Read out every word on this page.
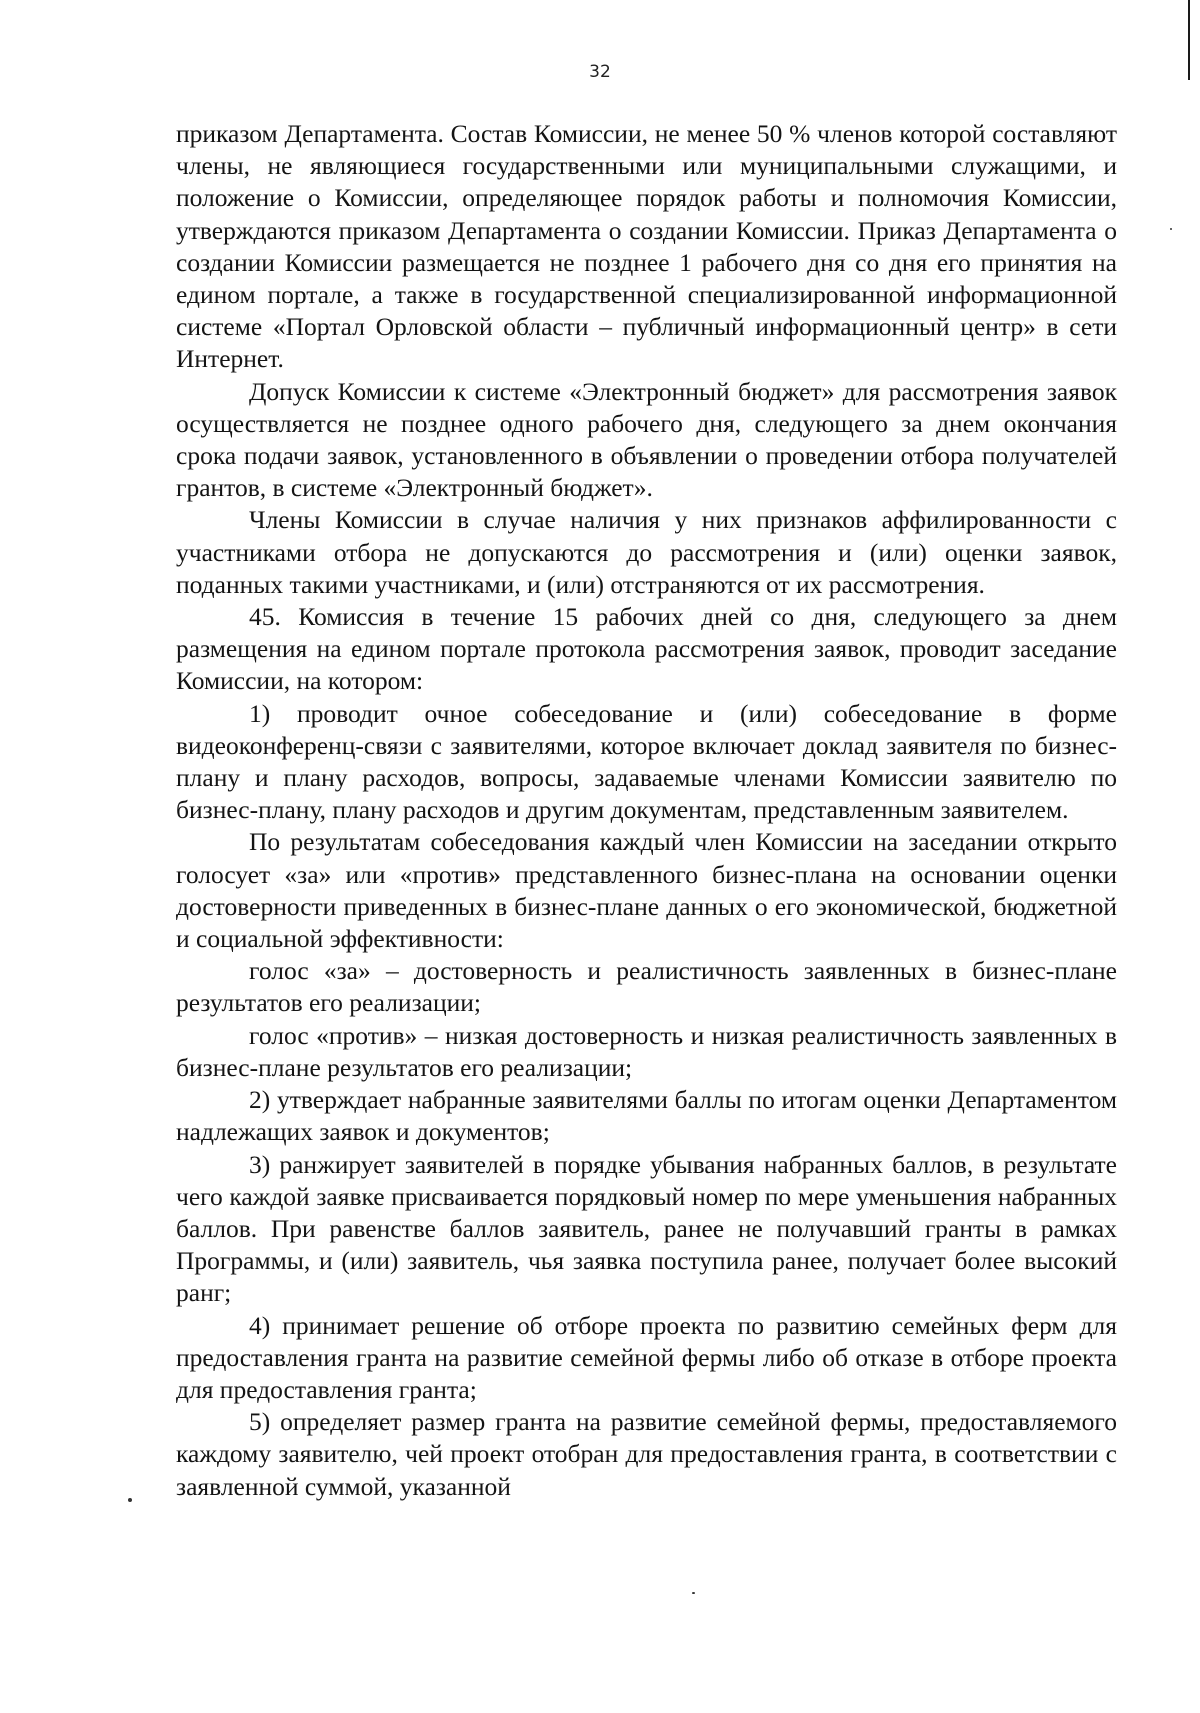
32

приказом Департамента. Состав Комиссии, не менее 50 % членов которой составляют члены, не являющиеся государственными или муниципальными служащими, и положение о Комиссии, определяющее порядок работы и полномочия Комиссии, утверждаются приказом Департамента о создании Комиссии. Приказ Департамента о создании Комиссии размещается не позднее 1 рабочего дня со дня его принятия на едином портале, а также в государственной специализированной информационной системе «Портал Орловской области – публичный информационный центр» в сети Интернет.

Допуск Комиссии к системе «Электронный бюджет» для рассмотрения заявок осуществляется не позднее одного рабочего дня, следующего за днем окончания срока подачи заявок, установленного в объявлении о проведении отбора получателей грантов, в системе «Электронный бюджет».

Члены Комиссии в случае наличия у них признаков аффилированности с участниками отбора не допускаются до рассмотрения и (или) оценки заявок, поданных такими участниками, и (или) отстраняются от их рассмотрения.

45. Комиссия в течение 15 рабочих дней со дня, следующего за днем размещения на едином портале протокола рассмотрения заявок, проводит заседание Комиссии, на котором:

1) проводит очное собеседование и (или) собеседование в форме видеоконференц-связи с заявителями, которое включает доклад заявителя по бизнес-плану и плану расходов, вопросы, задаваемые членами Комиссии заявителю по бизнес-плану, плану расходов и другим документам, представленным заявителем.

По результатам собеседования каждый член Комиссии на заседании открыто голосует «за» или «против» представленного бизнес-плана на основании оценки достоверности приведенных в бизнес-плане данных о его экономической, бюджетной и социальной эффективности:

голос «за» – достоверность и реалистичность заявленных в бизнес-плане результатов его реализации;

голос «против» – низкая достоверность и низкая реалистичность заявленных в бизнес-плане результатов его реализации;

2) утверждает набранные заявителями баллы по итогам оценки Департаментом надлежащих заявок и документов;

3) ранжирует заявителей в порядке убывания набранных баллов, в результате чего каждой заявке присваивается порядковый номер по мере уменьшения набранных баллов. При равенстве баллов заявитель, ранее не получавший гранты в рамках Программы, и (или) заявитель, чья заявка поступила ранее, получает более высокий ранг;

4) принимает решение об отборе проекта по развитию семейных ферм для предоставления гранта на развитие семейной фермы либо об отказе в отборе проекта для предоставления гранта;

5) определяет размер гранта на развитие семейной фермы, предоставляемого каждому заявителю, чей проект отобран для предоставления гранта, в соответствии с заявленной суммой, указанной
